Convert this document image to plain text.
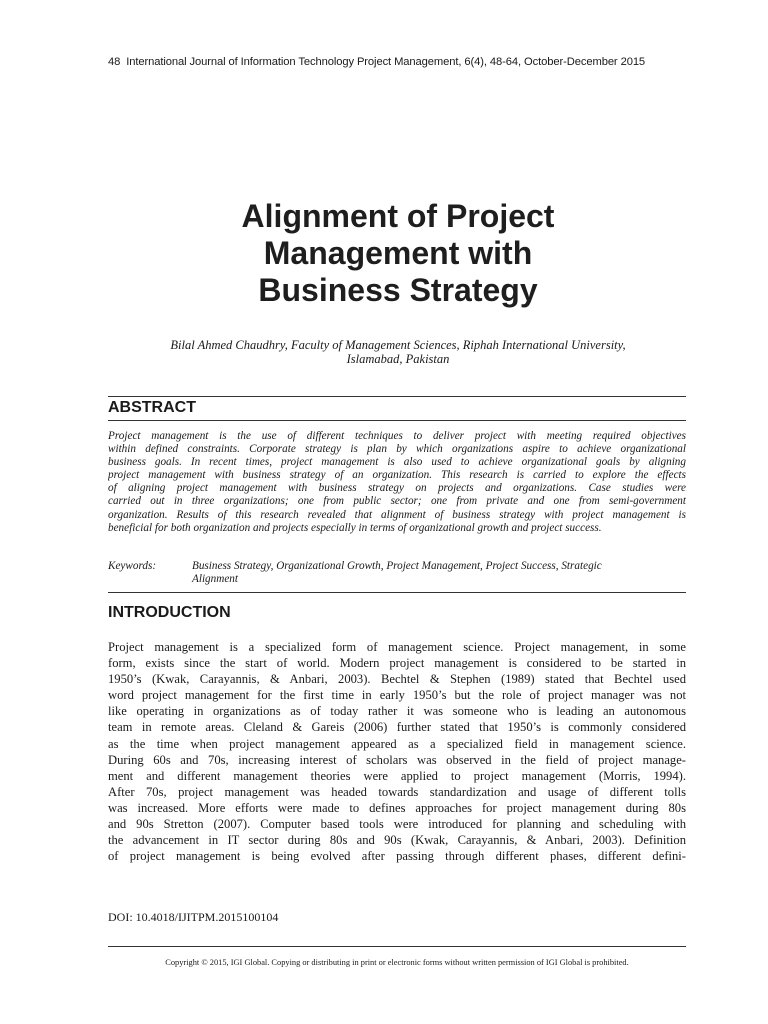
48 International Journal of Information Technology Project Management, 6(4), 48-64, October-December 2015
Alignment of Project
Management with
Business Strategy
Bilal Ahmed Chaudhry, Faculty of Management Sciences, Riphah International University,
Islamabad, Pakistan
ABSTRACT
Project management is the use of different techniques to deliver project with meeting required objectives
within defined constraints. Corporate strategy is plan by which organizations aspire to achieve organizational
business goals. In recent times, project management is also used to achieve organizational goals by aligning
project management with business strategy of an organization. This research is carried to explore the effects
of aligning project management with business strategy on projects and organizations. Case studies were
carried out in three organizations; one from public sector; one from private and one from semi-government
organization. Results of this research revealed that alignment of business strategy with project management is
beneficial for both organization and projects especially in terms of organizational growth and project success.
Keywords:	Business Strategy, Organizational Growth, Project Management, Project Success, Strategic
Alignment
INTRODUCTION
Project management is a specialized form of management science. Project management, in some
form, exists since the start of world. Modern project management is considered to be started in
1950’s (Kwak, Carayannis, & Anbari, 2003). Bechtel & Stephen (1989) stated that Bechtel used
word project management for the first time in early 1950’s but the role of project manager was not
like operating in organizations as of today rather it was someone who is leading an autonomous
team in remote areas. Cleland & Gareis (2006) further stated that 1950’s is commonly considered
as the time when project management appeared as a specialized field in management science.
During 60s and 70s, increasing interest of scholars was observed in the field of project manage-
ment and different management theories were applied to project management (Morris, 1994).
After 70s, project management was headed towards standardization and usage of different tolls
was increased. More efforts were made to defines approaches for project management during 80s
and 90s Stretton (2007). Computer based tools were introduced for planning and scheduling with
the advancement in IT sector during 80s and 90s (Kwak, Carayannis, & Anbari, 2003). Definition
of project management is being evolved after passing through different phases, different defini-
DOI: 10.4018/IJITPM.2015100104
Copyright © 2015, IGI Global. Copying or distributing in print or electronic forms without written permission of IGI Global is prohibited.
